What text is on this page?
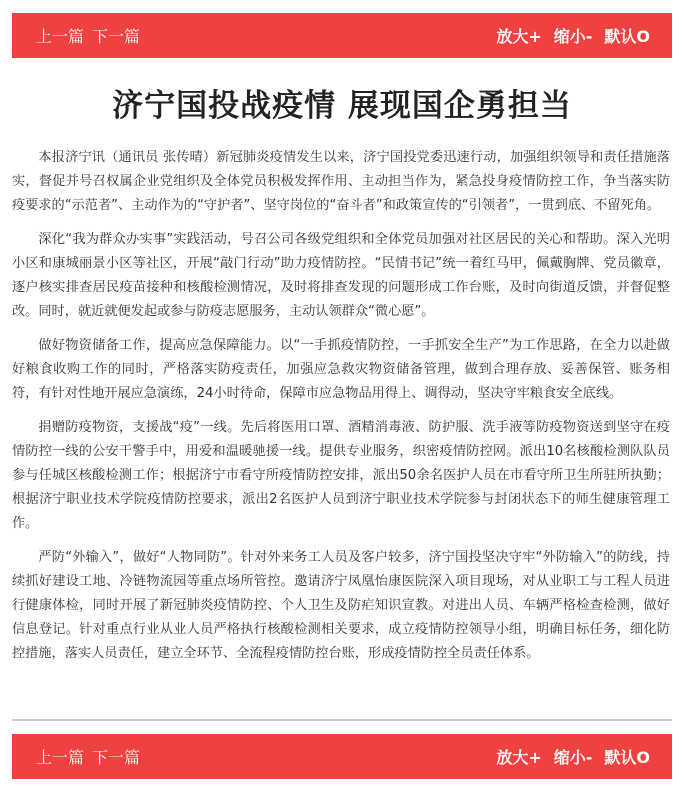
上一篇 下一篇	放大+ 缩小- 默认O
济宁国投战疫情 展现国企勇担当

本报济宁讯（通讯员 张传晴）新冠肺炎疫情发生以来，济宁国投党委迅速行动，加强组织领导和责任措施落实，督促并号召权属企业党组织及全体党员积极发挥作用、主动担当作为，紧急投身疫情防控工作，争当落实防疫要求的“示范者”、主动作为的“守护者”、坚守岗位的“奋斗者”和政策宣传的“引领者”，一贯到底、不留死角。

深化“我为群众办实事”实践活动，号召公司各级党组织和全体党员加强对社区居民的关心和帮助。深入光明小区和康城丽景小区等社区，开展“敲门行动”助力疫情防控。“民情书记”统一着红马甲，佩戴胸牌、党员徽章，逐户核实排查居民疫苗接种和核酸检测情况，及时将排查发现的问题形成工作台账，及时向街道反馈，并督促整改。同时，就近就便发起或参与防疫志愿服务，主动认领群众“微心愿”。

做好物资储备工作，提高应急保障能力。以“一手抓疫情防控，一手抓安全生产”为工作思路，在全力以赴做好粮食收购工作的同时，严格落实防疫责任，加强应急救灾物资储备管理，做到合理存放、妥善保管、账务相符，有针对性地开展应急演练，24小时待命，保障市应急物品用得上、调得动，坚决守牢粮食安全底线。

捐赠防疫物资，支援战“疫”一线。先后将医用口罩、酒精消毒液、防护服、洗手液等防疫物资送到坚守在疫情防控一线的公安干警手中，用爱和温暖驰援一线。提供专业服务，织密疫情防控网。派出10名核酸检测队队员参与任城区核酸检测工作；根据济宁市看守所疫情防控安排，派出50余名医护人员在市看守所卫生所驻所执勤；根据济宁职业技术学院疫情防控要求，派出2名医护人员到济宁职业技术学院参与封闭状态下的师生健康管理工作。

严防“外输入”，做好“人物同防”。针对外来务工人员及客户较多，济宁国投坚决守牢“外防输入”的防线，持续抓好建设工地、冷链物流园等重点场所管控。邀请济宁凤凰怡康医院深入项目现场，对从业职工与工程人员进行健康体检，同时开展了新冠肺炎疫情防控、个人卫生及防疟知识宣教。对进出人员、车辆严格检查检测，做好信息登记。针对重点行业从业人员严格执行核酸检测相关要求，成立疫情防控领导小组，明确目标任务，细化防控措施，落实人员责任，建立全环节、全流程疫情防控台账，形成疫情防控全员责任体系。

上一篇 下一篇	放大+ 缩小- 默认O
